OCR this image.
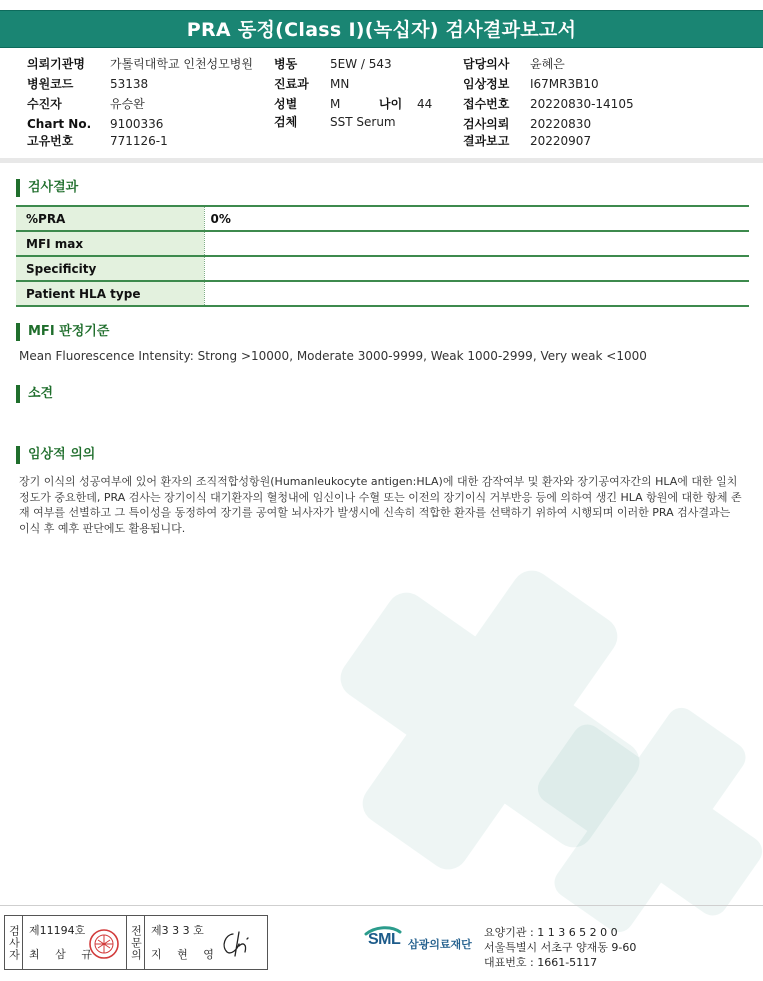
PRA 동정(Class I)(녹십자) 검사결과보고서
의뢰기관명 가톨릭대학교 인천성모병원
병원코드	53138
수진자	유승완
Chart No. 9100336
고유번호	771126-1
병동	5EW / 543
진료과 MN
성별	M	나이 44
검체	SST Serum
담당의사 윤혜은
임상정보 I67MR3B10
접수번호 20220830-14105
검사의뢰 20220830
결과보고 20220907
검사결과
%PRA	0%
MFI max	
Specificity	
Patient HLA type	
MFI 판정기준
Mean Fluorescence Intensity: Strong >10000, Moderate 3000-9999, Weak 1000-2999, Very weak <1000
소견
임상적 의의
장기 이식의 성공여부에 있어 환자의 조직적합성항원(Humanleukocyte antigen:HLA)에 대한 감작여부 및 환자와 장기공여자간의 HLA에 대한 일치정도가 중요한데, PRA 검사는 장기이식 대기환자의 혈청내에 임신이나 수혈 또는 이전의 장기이식 거부반응 등에 의하여 생긴 HLA 항원에 대한 항체 존재 여부를 선별하고 그 특이성을 동정하여 장기를 공여할 뇌사자가 발생시에 신속히 적합한 환자를 선택하기 위하여 시행되며 이러한 PRA 검사결과는 이식 후 예후 판단에도 활용됩니다.
검사자 제11194호
최 삼 규	전문의 제3 3 3 호
지 현 영
SML 삼광의료재단
요양기관 : 1 1 3 6 5 2 0 0
서울특별시 서초구 양재동 9-60
대표번호 : 1661-5117
